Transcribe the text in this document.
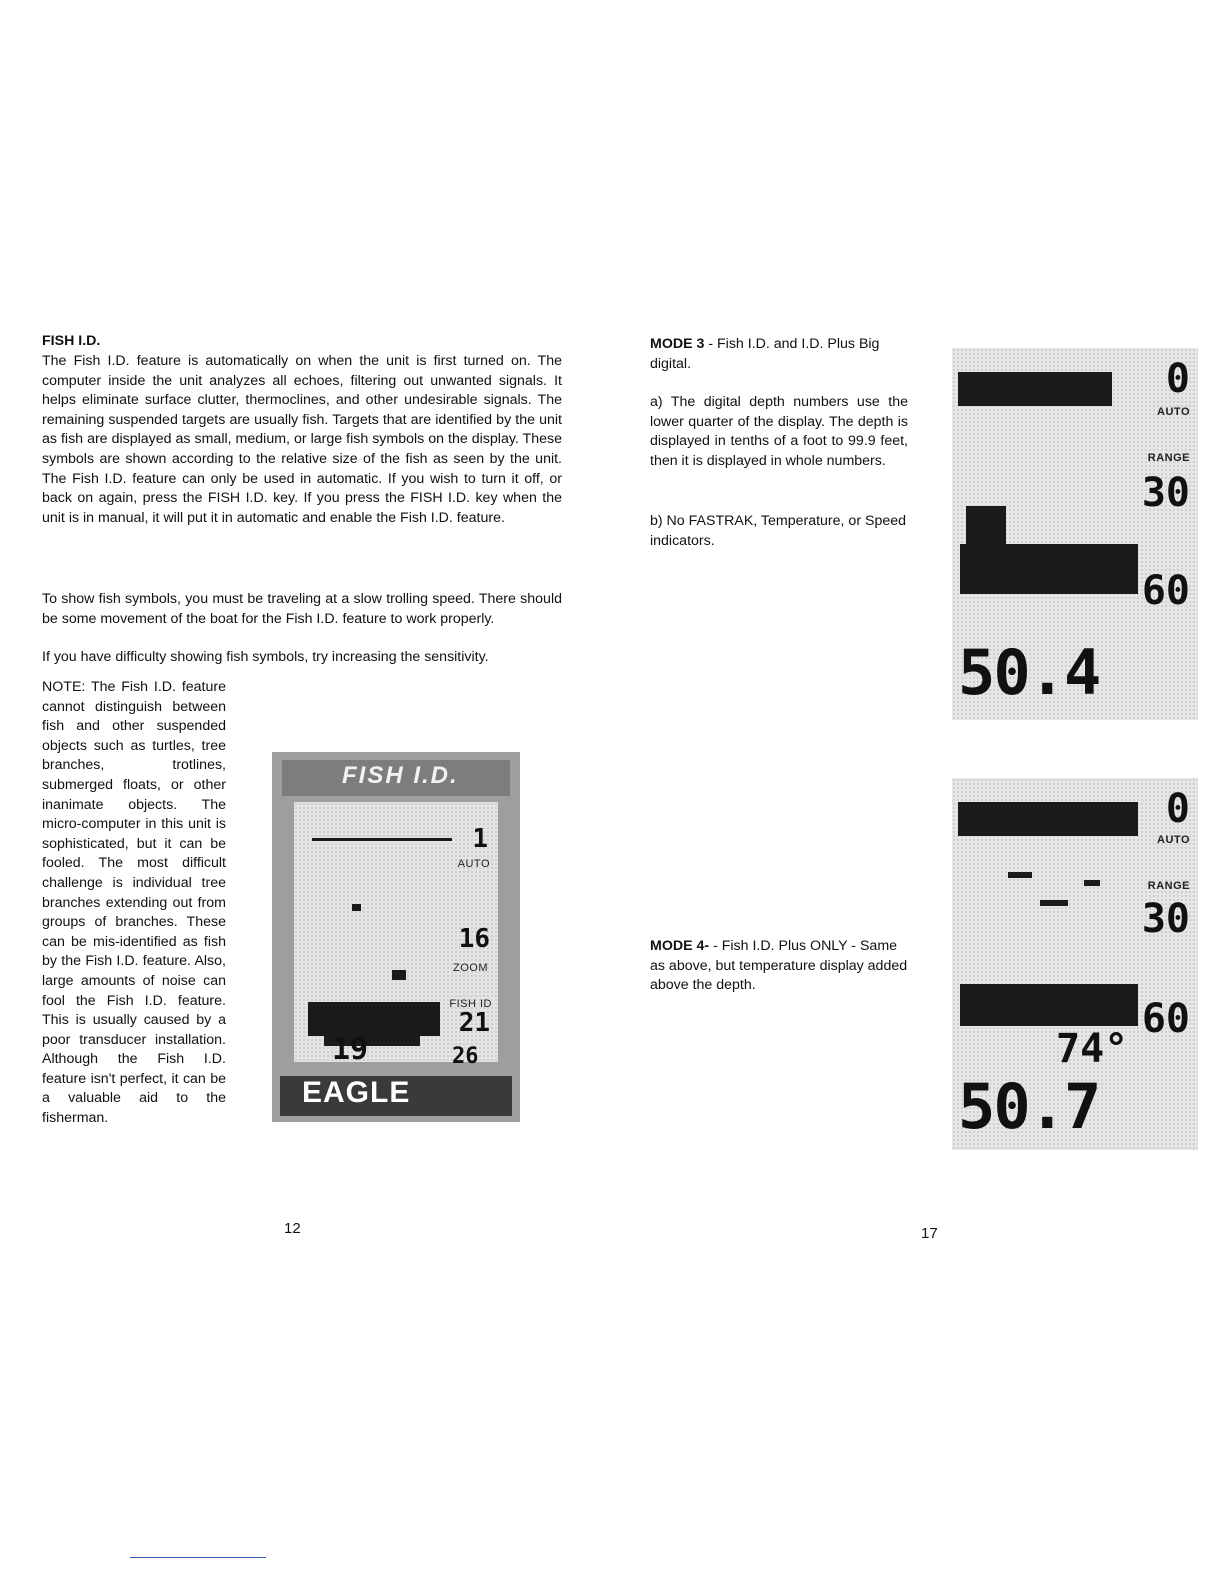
FISH I.D.
The Fish I.D. feature is automatically on when the unit is first turned on. The computer inside the unit analyzes all echoes, filtering out unwanted signals. It helps eliminate surface clutter, thermoclines, and other undesirable signals. The remaining suspended targets are usually fish. Targets that are identified by the unit as fish are displayed as small, medium, or large fish symbols on the display. These symbols are shown according to the relative size of the fish as seen by the unit. The Fish I.D. feature can only be used in automatic. If you wish to turn it off, or back on again, press the FISH I.D. key. If you press the FISH I.D. key when the unit is in manual, it will put it in automatic and enable the Fish I.D. feature.
To show fish symbols, you must be traveling at a slow trolling speed. There should be some movement of the boat for the Fish I.D. feature to work properly.
If you have difficulty showing fish symbols, try increasing the sensitivity.
NOTE: The Fish I.D. feature cannot distinguish between fish and other suspended objects such as turtles, tree branches, trotlines, submerged floats, or other inanimate objects. The micro-computer in this unit is sophisticated, but it can be fooled. The most difficult challenge is individual tree branches extending out from groups of branches. These can be mis-identified as fish by the Fish I.D. feature. Also, large amounts of noise can fool the Fish I.D. feature. This is usually caused by a poor transducer installation. Although the Fish I.D. feature isn't perfect, it can be a valuable aid to the fisherman.
FISH I.D.
1
AUTO
16
ZOOM
FISH ID
21
19	26
EAGLE
12
MODE 3 - Fish I.D. and I.D. Plus Big digital.
a) The digital depth numbers use the lower quarter of the display. The depth is displayed in tenths of a foot to 99.9 feet, then it is displayed in whole numbers.
b) No FASTRAK, Temperature, or Speed indicators.
MODE 4- - Fish I.D. Plus ONLY - Same as above, but temperature display added above the depth.
0
AUTO
RANGE
30
60
50.4
0
AUTO
RANGE
30
60
74°
50.7
17
